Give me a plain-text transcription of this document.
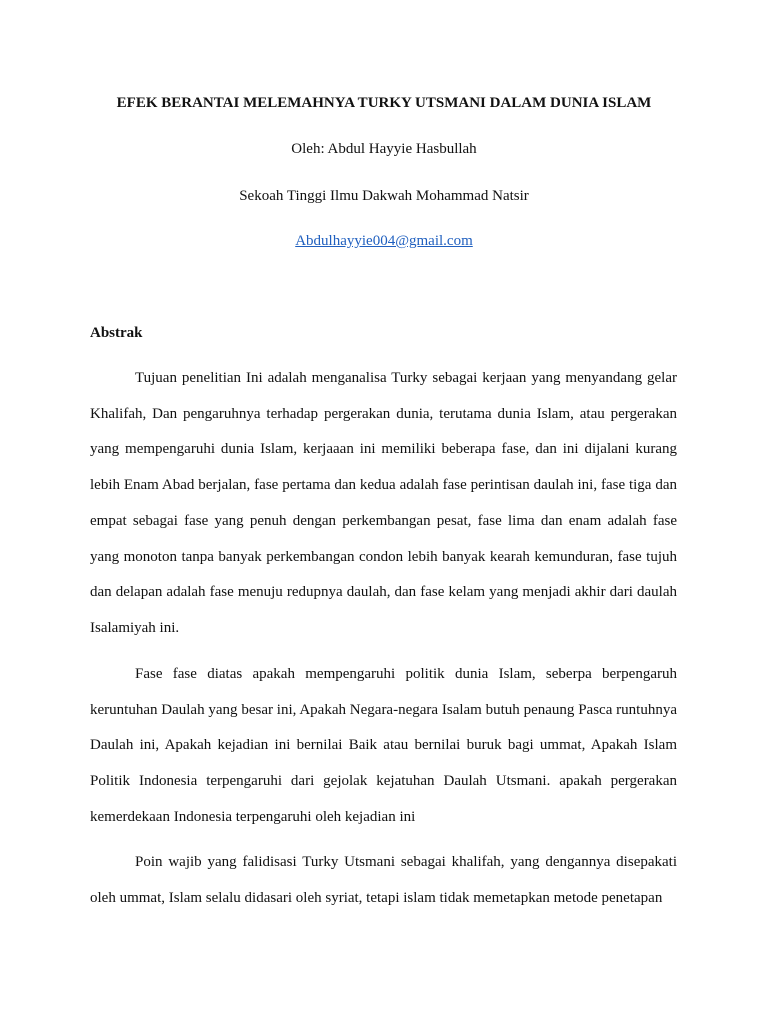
EFEK BERANTAI MELEMAHNYA TURKY UTSMANI DALAM DUNIA ISLAM
Oleh: Abdul Hayyie Hasbullah
Sekoah Tinggi Ilmu Dakwah Mohammad Natsir
Abdulhayyie004@gmail.com
Abstrak

Tujuan penelitian Ini adalah menganalisa Turky sebagai kerjaan yang menyandang gelar Khalifah, Dan pengaruhnya terhadap pergerakan dunia, terutama dunia Islam, atau pergerakan yang mempengaruhi dunia Islam, kerjaaan ini memiliki beberapa fase, dan ini dijalani kurang lebih Enam Abad berjalan, fase pertama dan kedua adalah fase perintisan daulah ini, fase tiga dan empat sebagai fase yang penuh dengan perkembangan pesat, fase lima dan enam adalah fase yang monoton tanpa banyak perkembangan condon lebih banyak kearah kemunduran, fase tujuh dan delapan adalah fase menuju redupnya daulah, dan fase kelam yang menjadi akhir dari daulah Isalamiyah ini.

Fase fase diatas apakah mempengaruhi politik dunia Islam, seberpa berpengaruh keruntuhan Daulah yang besar ini, Apakah Negara-negara Isalam butuh penaung Pasca runtuhnya Daulah ini, Apakah kejadian ini bernilai Baik atau bernilai buruk bagi ummat, Apakah Islam Politik Indonesia terpengaruhi dari gejolak kejatuhan Daulah Utsmani. apakah pergerakan kemerdekaan Indonesia terpengaruhi oleh kejadian ini

Poin wajib yang falidisasi Turky Utsmani sebagai khalifah, yang dengannya disepakati oleh ummat, Islam selalu didasari oleh syriat, tetapi islam tidak memetapkan metode penetapan
